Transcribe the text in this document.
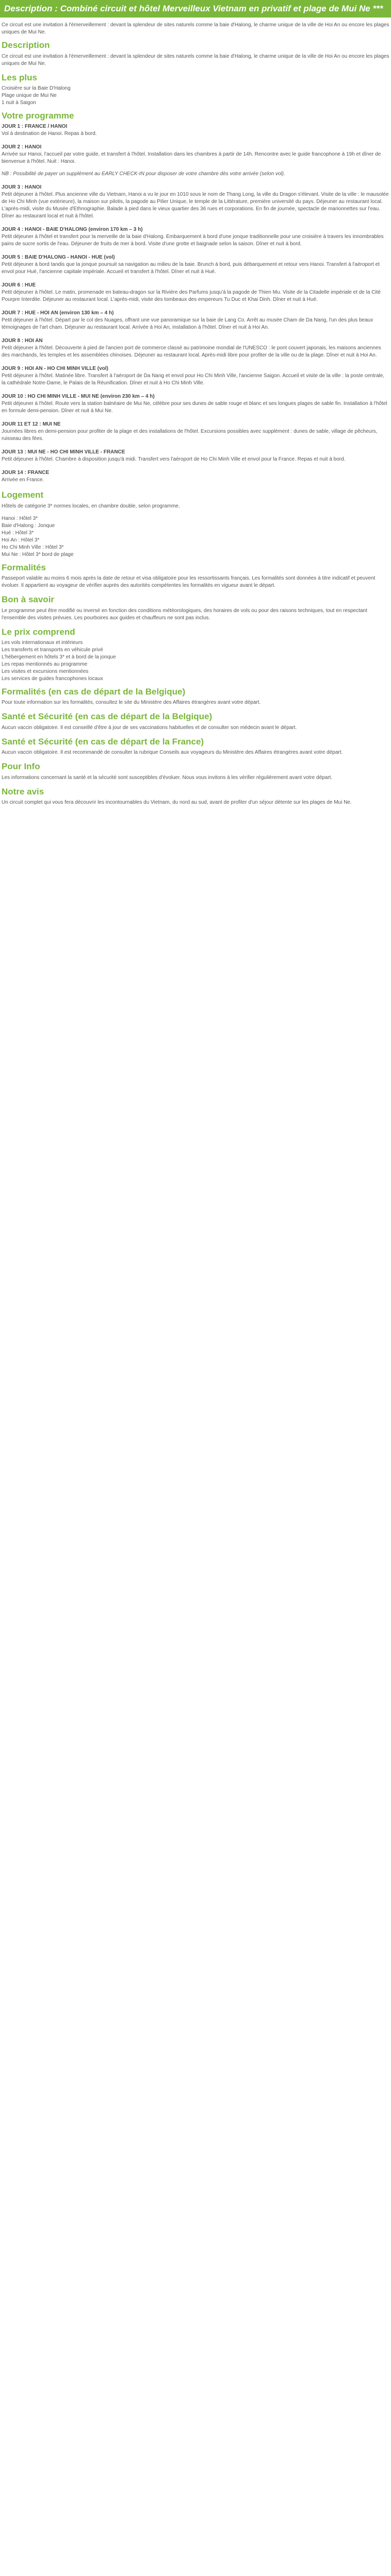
Description : Combiné circuit et hôtel Merveilleux Vietnam en privatif et plage de Mui Ne ***
Ce circuit est une invitation à l'émerveillement : devant la splendeur de sites naturels comme la baie d'Halong, le charme unique de la ville de Hoi An ou encore les plages uniques de Mui Ne.
Description
Ce circuit est une invitation à l'émerveillement : devant la splendeur de sites naturels comme la baie d'Halong, le charme unique de la ville de Hoi An ou encore les plages uniques de Mui Ne.
Les plus
Croisière sur la Baie D'Halong
Plage unique de Mui Ne
1 nuit à Saigon
Votre programme
JOUR 1 : FRANCE / HANOI
Vol à destination de Hanoi. Repas à bord.
JOUR 2 : HANOI
Arrivée sur Hanoi, l'accueil par votre guide, et transfert à l'hôtel. Installation dans les chambres à partir de 14h. Rencontre avec le guide francophone à 19h et dîner de bienvenue à l'hôtel. Nuit : Hanoi.
NB : Possibilité de payer un supplément au EARLY CHECK-IN pour disposer de votre chambre dès votre arrivée (selon vol).
JOUR 3 : HANOI
Petit déjeuner à l'hôtel. Plus ancienne ville du Vietnam, Hanoi a vu le jour en 1010 sous le nom de Thang Long, la ville du Dragon s'élevant. Visite de la ville : le mausolée de Ho Chi Minh (vue extérieure), la maison sur pilotis, la pagode au Pilier Unique, le temple de la Littérature, première université du pays. Déjeuner au restaurant local. L'après-midi, visite du Musée d'Ethnographie. Balade à pied dans le vieux quartier des 36 rues et corporations. En fin de journée, spectacle de marionnettes sur l'eau. Dîner au restaurant local et nuit à l'hôtel.
JOUR 4 : HANOI - BAIE D'HALONG (environ 170 km – 3 h)
Petit déjeuner à l'hôtel et transfert pour la merveille de la baie d'Halong. Embarquement à bord d'une jonque traditionnelle pour une croisière à travers les innombrables pains de sucre sortis de l'eau. Déjeuner de fruits de mer à bord. Visite d'une grotte et baignade selon la saison. Dîner et nuit à bord.
JOUR 5 : BAIE D'HALONG - HANOI - HUE (vol)
Petit déjeuner à bord tandis que la jonque poursuit sa navigation au milieu de la baie. Brunch à bord, puis débarquement et retour vers Hanoi. Transfert à l'aéroport et envol pour Hué, l'ancienne capitale impériale. Accueil et transfert à l'hôtel. Dîner et nuit à Hué.
JOUR 6 : HUE
Petit déjeuner à l'hôtel. Le matin, promenade en bateau-dragon sur la Rivière des Parfums jusqu'à la pagode de Thien Mu. Visite de la Citadelle impériale et de la Cité Pourpre Interdite. Déjeuner au restaurant local. L'après-midi, visite des tombeaux des empereurs Tu Duc et Khai Dinh. Dîner et nuit à Hué.
JOUR 7 : HUE - HOI AN (environ 130 km – 4 h)
Petit déjeuner à l'hôtel. Départ par le col des Nuages, offrant une vue panoramique sur la baie de Lang Co. Arrêt au musée Cham de Da Nang, l'un des plus beaux témoignages de l'art cham. Déjeuner au restaurant local. Arrivée à Hoi An, installation à l'hôtel. Dîner et nuit à Hoi An.
JOUR 8 : HOI AN
Petit déjeuner à l'hôtel. Découverte à pied de l'ancien port de commerce classé au patrimoine mondial de l'UNESCO : le pont couvert japonais, les maisons anciennes des marchands, les temples et les assemblées chinoises. Déjeuner au restaurant local. Après-midi libre pour profiter de la ville ou de la plage. Dîner et nuit à Hoi An.
JOUR 9 : HOI AN - HO CHI MINH VILLE (vol)
Petit déjeuner à l'hôtel. Matinée libre. Transfert à l'aéroport de Da Nang et envol pour Ho Chi Minh Ville, l'ancienne Saigon. Accueil et visite de la ville : la poste centrale, la cathédrale Notre-Dame, le Palais de la Réunification. Dîner et nuit à Ho Chi Minh Ville.
JOUR 10 : HO CHI MINH VILLE - MUI NE (environ 230 km – 4 h)
Petit déjeuner à l'hôtel. Route vers la station balnéaire de Mui Ne, célèbre pour ses dunes de sable rouge et blanc et ses longues plages de sable fin. Installation à l'hôtel en formule demi-pension. Dîner et nuit à Mui Ne.
JOUR 11 ET 12 : MUI NE
Journées libres en demi-pension pour profiter de la plage et des installations de l'hôtel. Excursions possibles avec supplément : dunes de sable, village de pêcheurs, ruisseau des fées.
JOUR 13 : MUI NE - HO CHI MINH VILLE - FRANCE
Petit déjeuner à l'hôtel. Chambre à disposition jusqu'à midi. Transfert vers l'aéroport de Ho Chi Minh Ville et envol pour la France. Repas et nuit à bord.
JOUR 14 : FRANCE
Arrivée en France.
Logement
Hôtels de catégorie 3* normes locales, en chambre double, selon programme.
Hanoi : Hôtel 3*
Baie d'Halong : Jonque
Hué : Hôtel 3*
Hoi An : Hôtel 3*
Ho Chi Minh Ville : Hôtel 3*
Mui Ne : Hôtel 3* bord de plage
Formalités
Passeport valable au moins 6 mois après la date de retour et visa obligatoire pour les ressortissants français. Les formalités sont données à titre indicatif et peuvent évoluer. Il appartient au voyageur de vérifier auprès des autorités compétentes les formalités en vigueur avant le départ.
Bon à savoir
Le programme peut être modifié ou inversé en fonction des conditions météorologiques, des horaires de vols ou pour des raisons techniques, tout en respectant l'ensemble des visites prévues. Les pourboires aux guides et chauffeurs ne sont pas inclus.
Le prix comprend
Les vols internationaux et intérieurs
Les transferts et transports en véhicule privé
L'hébergement en hôtels 3* et à bord de la jonque
Les repas mentionnés au programme
Les visites et excursions mentionnées
Les services de guides francophones locaux
Formalités (en cas de départ de la Belgique)
Pour toute information sur les formalités, consultez le site du Ministère des Affaires étrangères avant votre départ.
Santé et Sécurité (en cas de départ de la Belgique)
Aucun vaccin obligatoire. Il est conseillé d'être à jour de ses vaccinations habituelles et de consulter son médecin avant le départ.
Santé et Sécurité (en cas de départ de la France)
Aucun vaccin obligatoire. Il est recommandé de consulter la rubrique Conseils aux voyageurs du Ministère des Affaires étrangères avant votre départ.
Pour Info
Les informations concernant la santé et la sécurité sont susceptibles d'évoluer. Nous vous invitons à les vérifier régulièrement avant votre départ.
Notre avis
Un circuit complet qui vous fera découvrir les incontournables du Vietnam, du nord au sud, avant de profiter d'un séjour détente sur les plages de Mui Ne.
